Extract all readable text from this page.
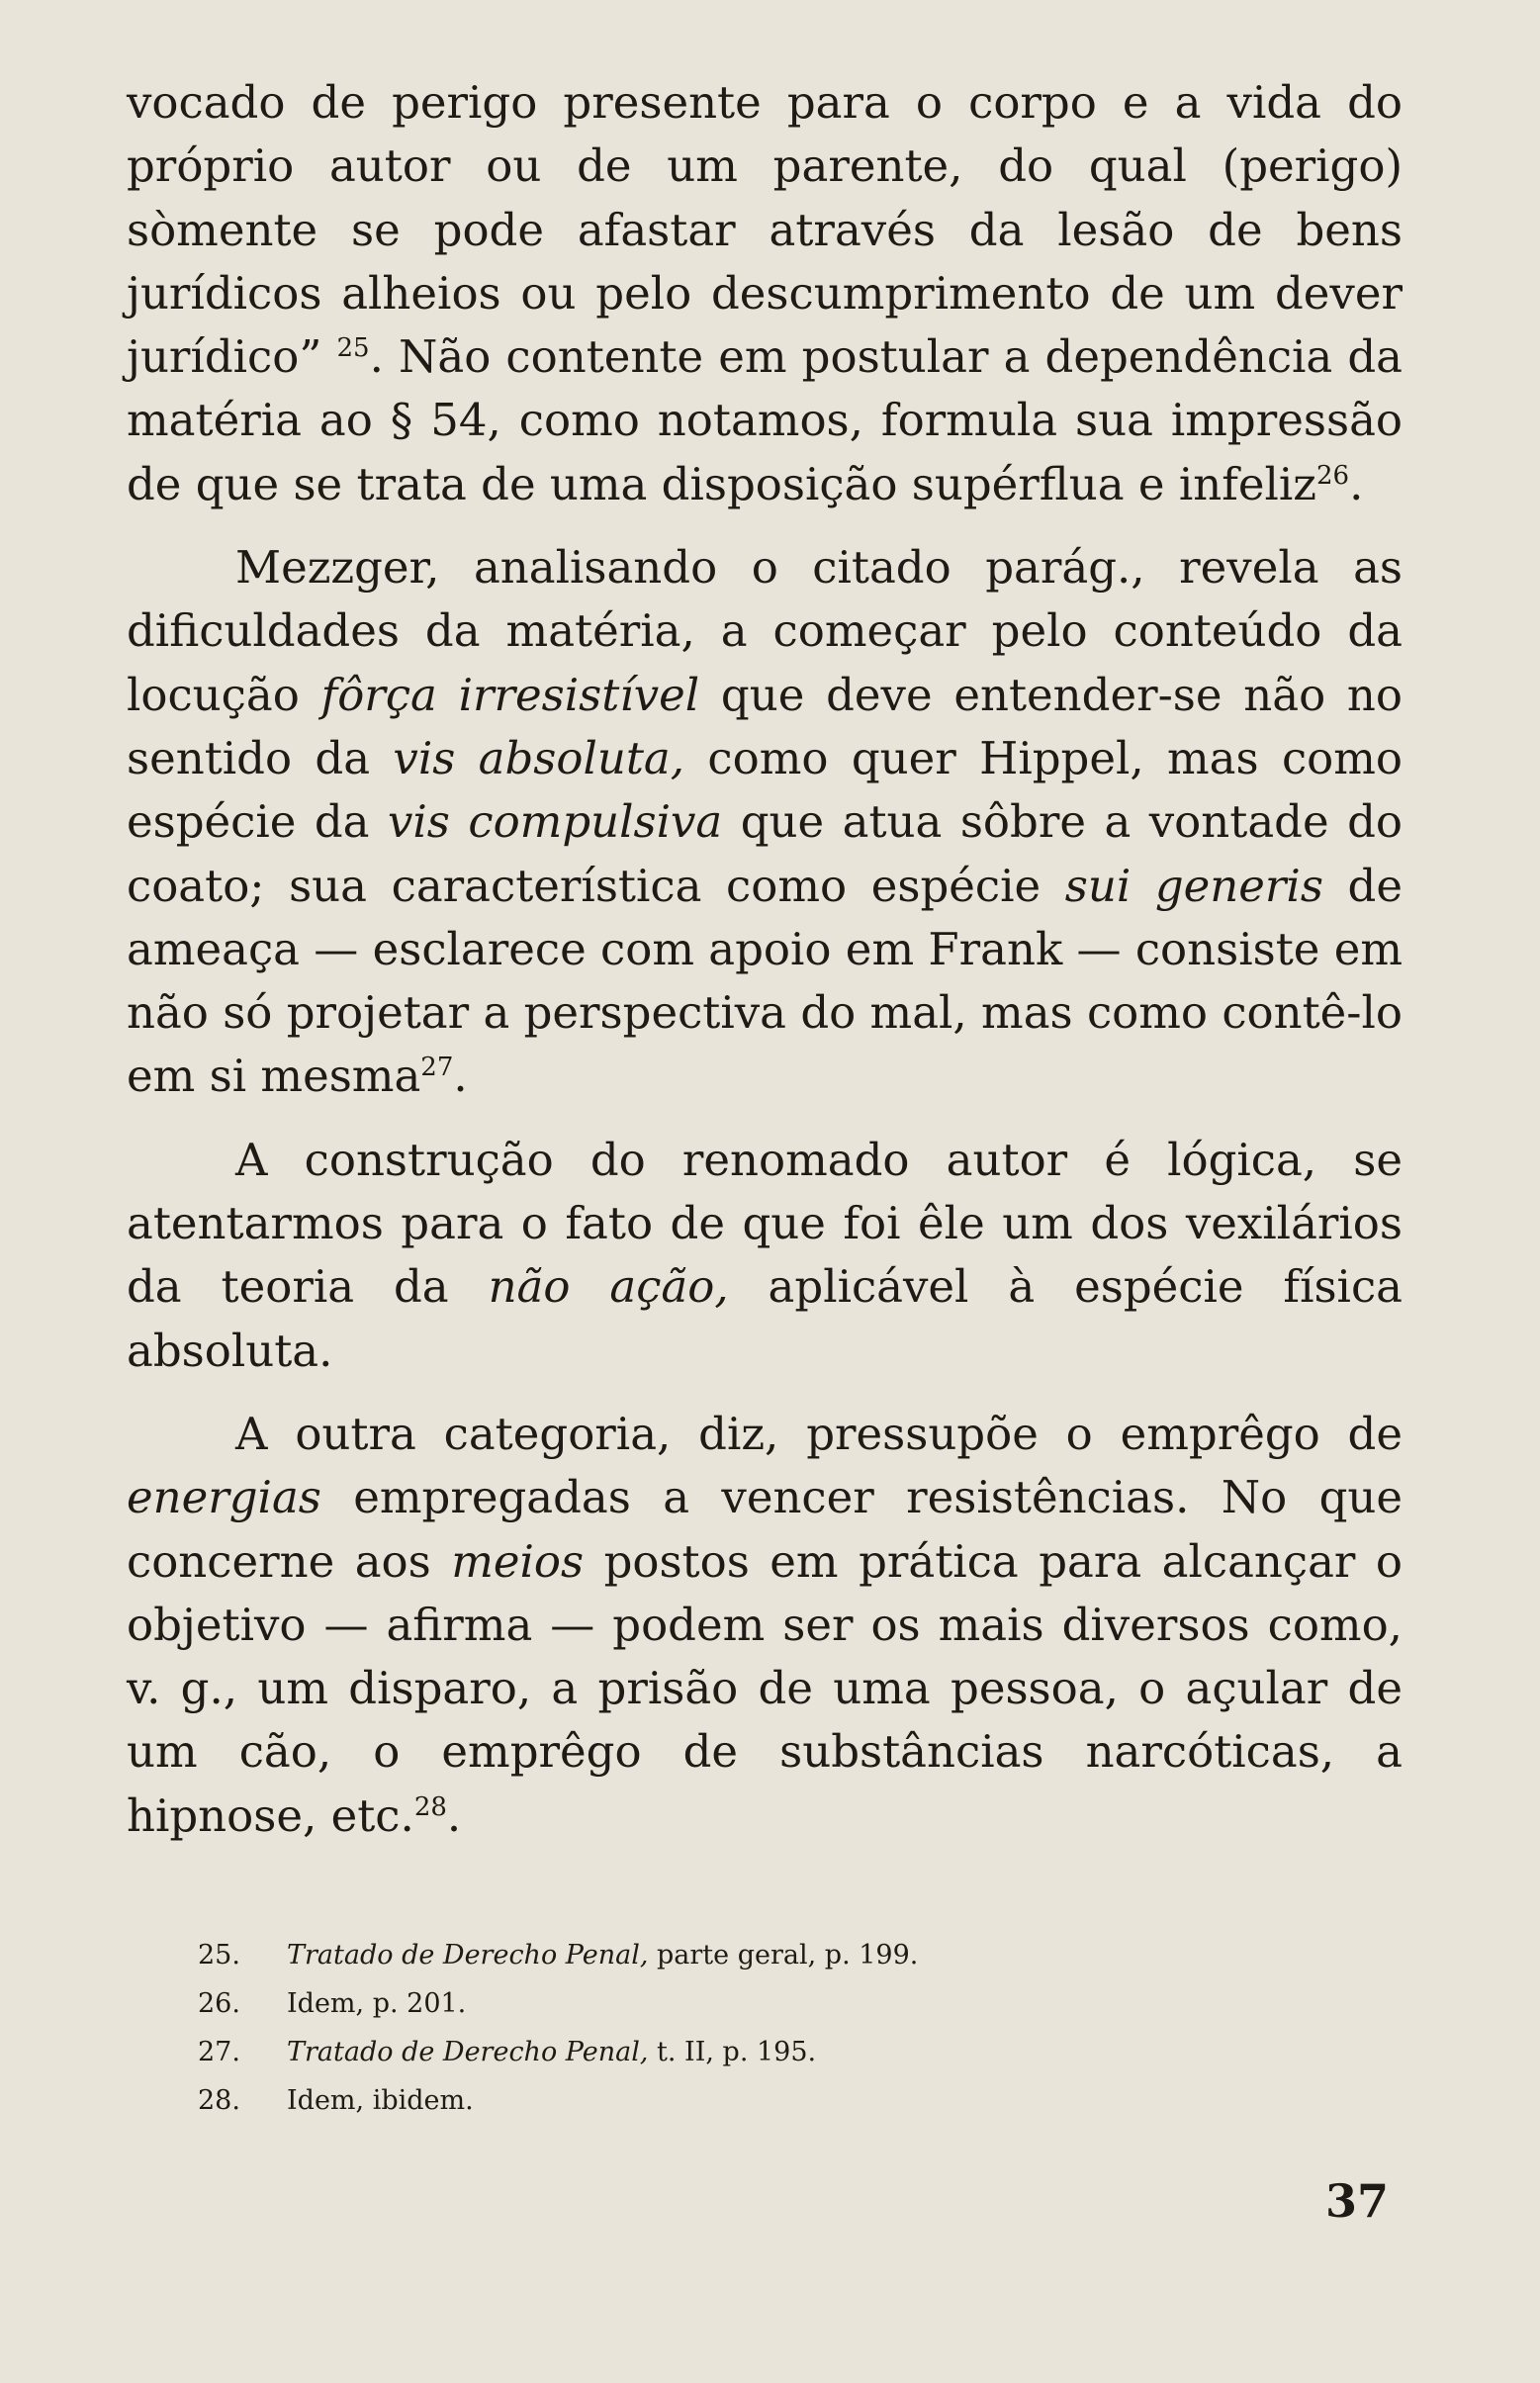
vocado de perigo presente para o corpo e a vida do próprio autor ou de um parente, do qual (perigo) sòmente se pode afastar através da lesão de bens jurídicos alheios ou pelo descumprimento de um dever jurídico” $^{25}$. Não contente em postular a dependência da matéria ao § 54, como notamos, formula sua impressão de que se trata de uma disposição supérflua e infeliz$^{26}$.

Mezzger, analisando o citado parág., revela as dificuldades da matéria, a começar pelo conteúdo da locução fôrça irresistível que deve entender-se não no sentido da vis absoluta, como quer Hippel, mas como espécie da vis compulsiva que atua sôbre a vontade do coato; sua característica como espécie sui generis de ameaça — esclarece com apoio em Frank — consiste em não só projetar a perspectiva do mal, mas como contê-lo em si mesma$^{27}$.

A construção do renomado autor é lógica, se atentarmos para o fato de que foi êle um dos vexilários da teoria da não ação, aplicável à espécie física absoluta.

A outra categoria, diz, pressupõe o emprêgo de energias empregadas a vencer resistências. No que concerne aos meios postos em prática para alcançar o objetivo — afirma — podem ser os mais diversos como, v. g., um disparo, a prisão de uma pessoa, o açular de um cão, o emprêgo de substâncias narcóticas, a hipnose, etc.$^{28}$.

25.	Tratado de Derecho Penal, parte geral, p. 199.
26.	Idem, p. 201.
27.	Tratado de Derecho Penal, t. II, p. 195.
28.	Idem, ibidem.
37
